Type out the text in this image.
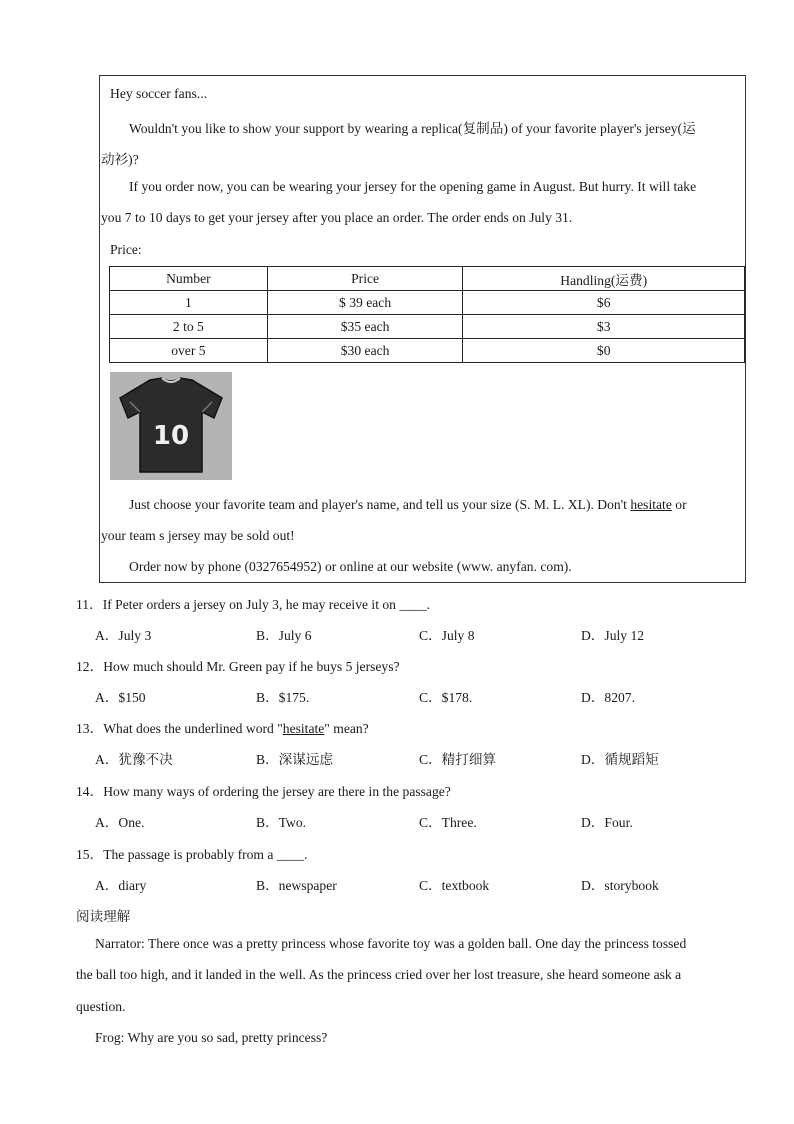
Hey soccer fans...
Wouldn't you like to show your support by wearing a replica(复制品) of your favorite player's jersey(运
动衫)?
If you order now, you can be wearing your jersey for the opening game in August. But hurry. It will take
you 7 to 10 days to get your jersey after you place an order. The order ends on July 31.
Price:
Number	Price	Handling(运费)
1	$ 39 each	$6
2 to 5	$35 each	$3
over 5	$30 each	$0
10
Just choose your favorite team and player's name, and tell us your size (S. M. L. XL). Don't hesitate or
your team s jersey may be sold out!
Order now by phone (0327654952) or online at our website (www. anyfan. com).
11．If Peter orders a jersey on July 3, he may receive it on ____.
A．July 3	B．July 6	C．July 8	D．July 12
12．How much should Mr. Green pay if he buys 5 jerseys?
A．$150	B．$175.	C．$178.	D．8207.
13．What does the underlined word "hesitate" mean?
A．犹豫不决	B．深谋远虑	C．精打细算	D．循规蹈矩
14．How many ways of ordering the jersey are there in the passage?
A．One.	B．Two.	C．Three.	D．Four.
15．The passage is probably from a ____.
A．diary	B．newspaper	C．textbook	D．storybook
阅读理解
Narrator: There once was a pretty princess whose favorite toy was a golden ball. One day the princess tossed
the ball too high, and it landed in the well. As the princess cried over her lost treasure, she heard someone ask a
question.
Frog: Why are you so sad, pretty princess?
